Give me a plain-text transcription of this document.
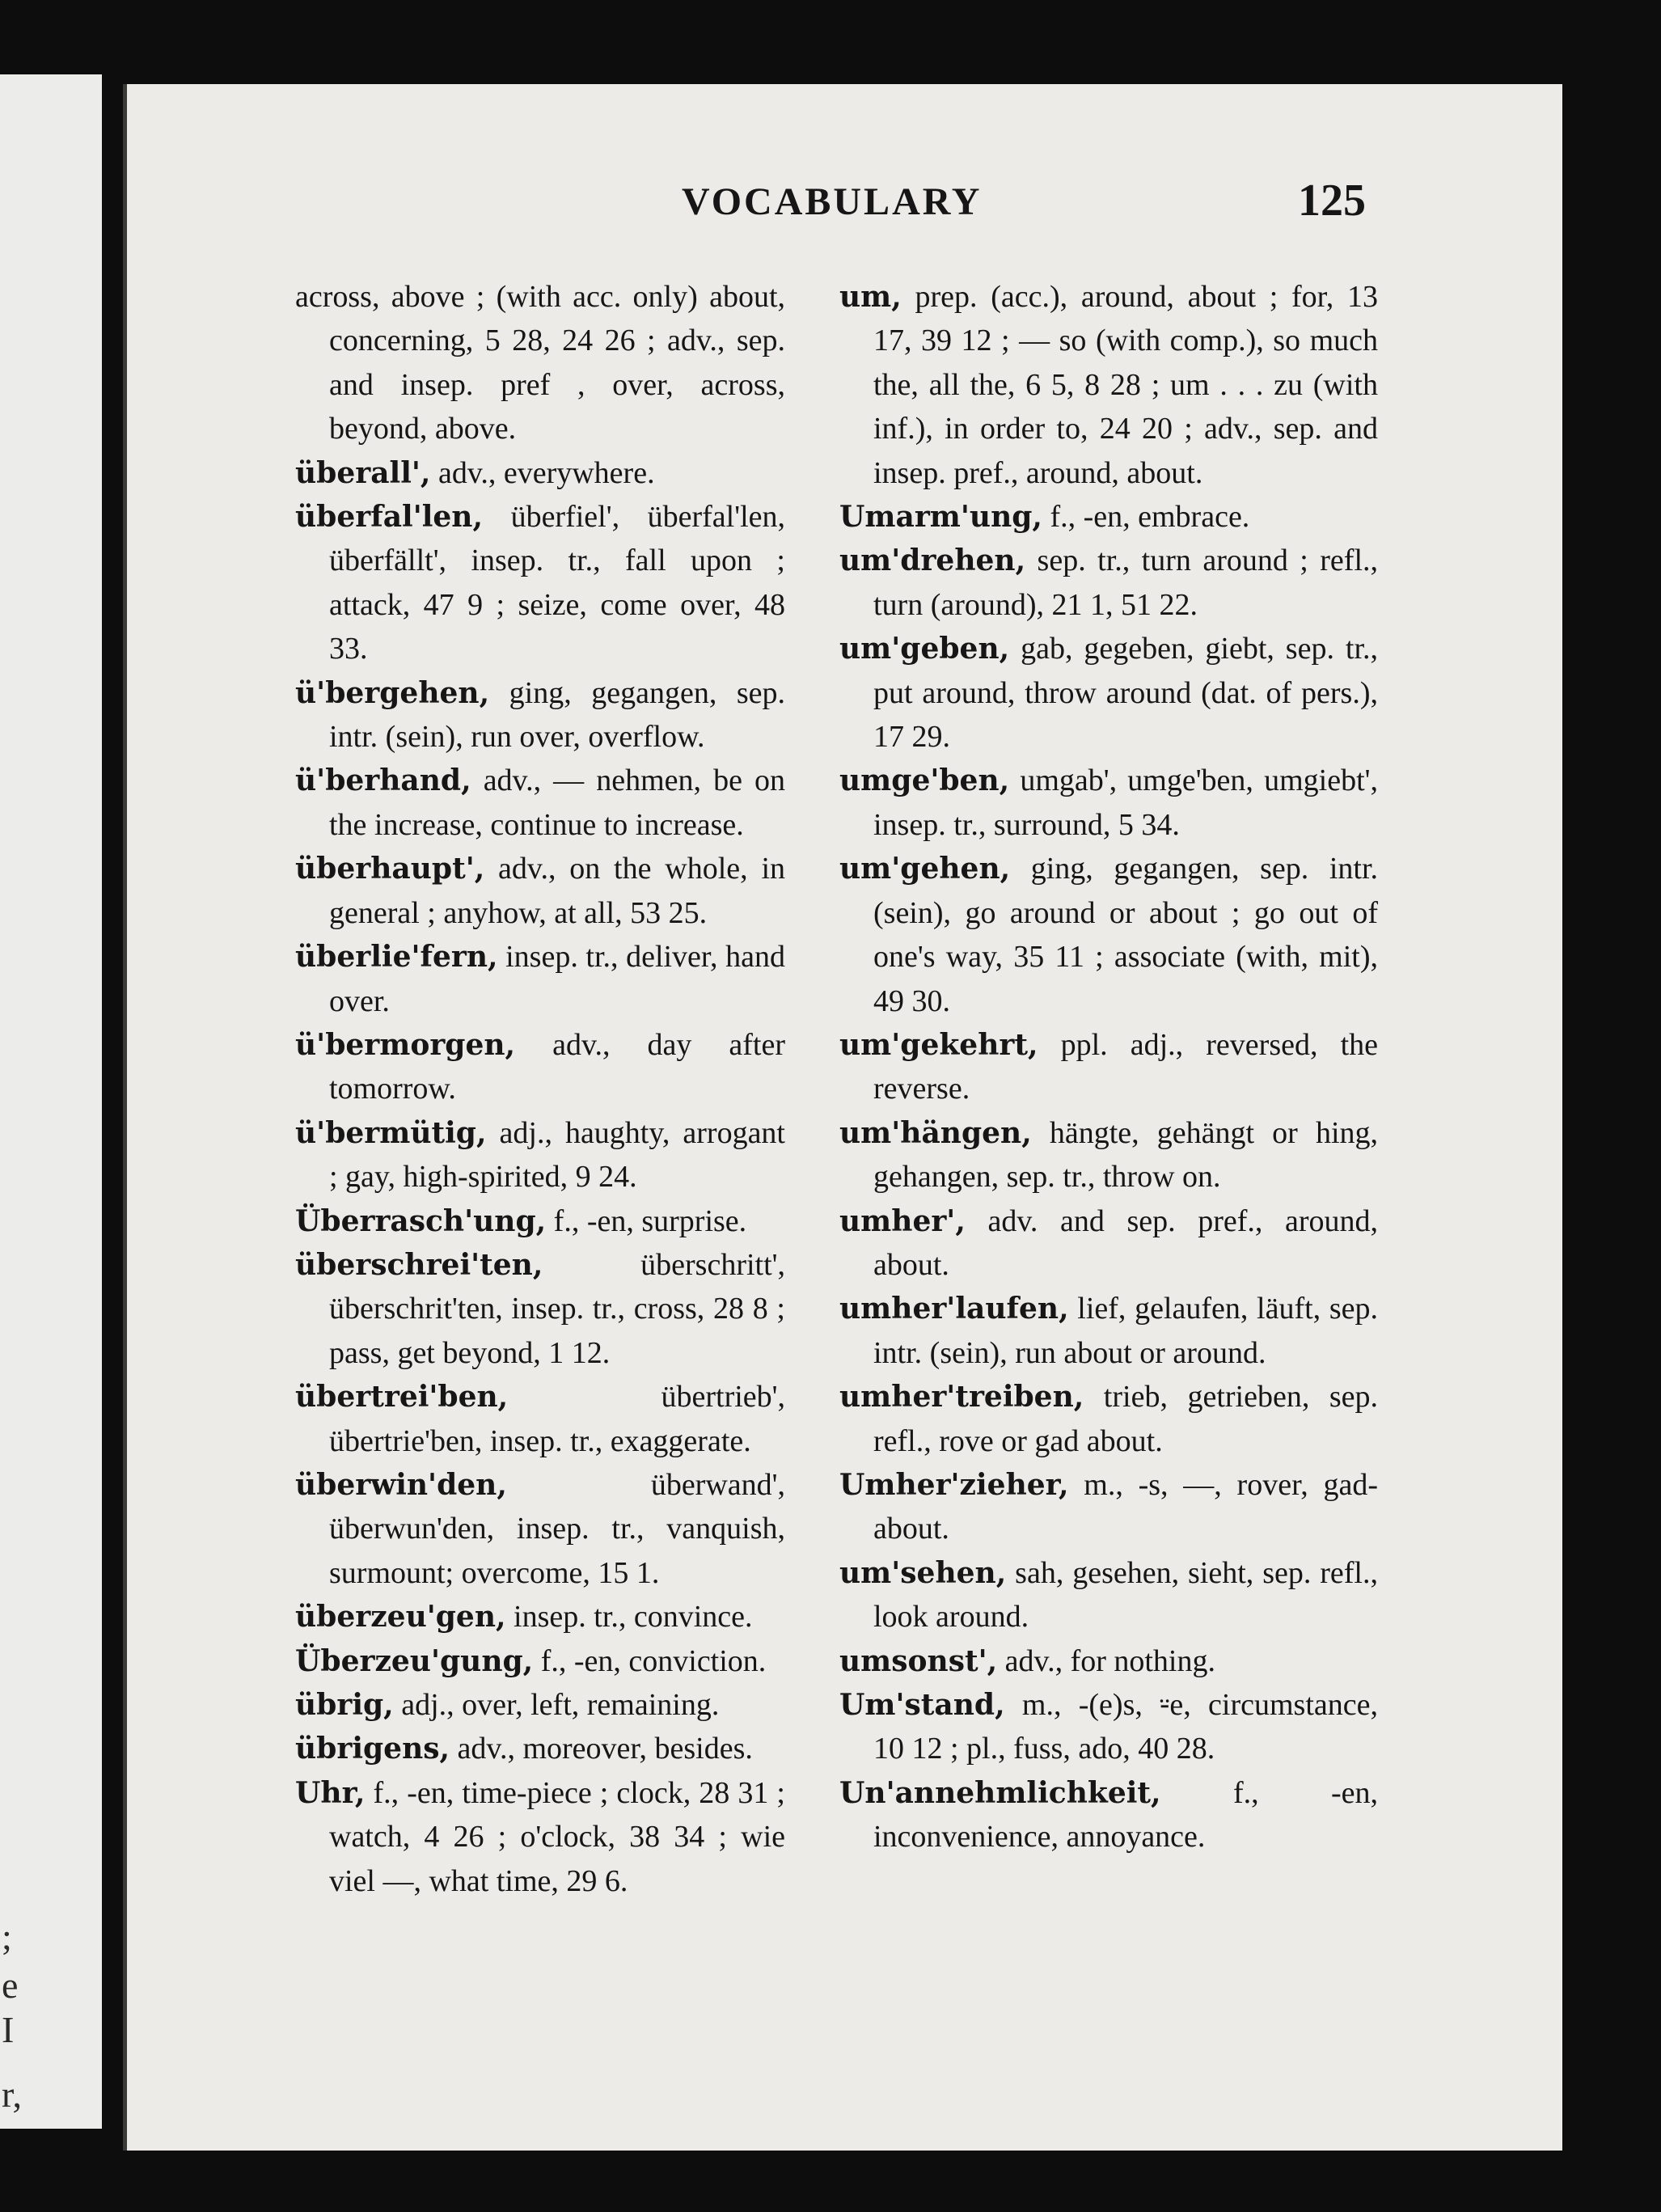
;
e
I
r,
VOCABULARY	125

across, above ; (with acc. only) about, concerning, 5 28, 24 26 ; adv., sep. and insep. pref , over, across, beyond, above.

überall', adv., everywhere.

überfal'len, überfiel', überfal'len, überfällt', insep. tr., fall upon ; attack, 47 9 ; seize, come over, 48 33.

ü'bergehen, ging, gegangen, sep. intr. (sein), run over, overflow.

ü'berhand, adv., — nehmen, be on the increase, continue to increase.

überhaupt', adv., on the whole, in general ; anyhow, at all, 53 25.

überlie'fern, insep. tr., deliver, hand over.

ü'bermorgen, adv., day after tomorrow.

ü'bermütig, adj., haughty, arrogant ; gay, high-spirited, 9 24.

Überrasch'ung, f., -en, surprise.

überschrei'ten, überschritt', überschrit'ten, insep. tr., cross, 28 8 ; pass, get beyond, 1 12.

übertrei'ben, übertrieb', übertrie'ben, insep. tr., exaggerate.

überwin'den, überwand', überwun'den, insep. tr., vanquish, surmount; overcome, 15 1.

überzeu'gen, insep. tr., convince.

Überzeu'gung, f., -en, conviction.

übrig, adj., over, left, remaining.

übrigens, adv., moreover, besides.

Uhr, f., -en, time-piece ; clock, 28 31 ; watch, 4 26 ; o'clock, 38 34 ; wie viel —, what time, 29 6.

um, prep. (acc.), around, about ; for, 13 17, 39 12 ; — so (with comp.), so much the, all the, 6 5, 8 28 ; um . . . zu (with inf.), in order to, 24 20 ; adv., sep. and insep. pref., around, about.

Umarm'ung, f., -en, embrace.

um'drehen, sep. tr., turn around ; refl., turn (around), 21 1, 51 22.

um'geben, gab, gegeben, giebt, sep. tr., put around, throw around (dat. of pers.), 17 29.

umge'ben, umgab', umge'ben, umgiebt', insep. tr., surround, 5 34.

um'gehen, ging, gegangen, sep. intr. (sein), go around or about ; go out of one's way, 35 11 ; associate (with, mit), 49 30.

um'gekehrt, ppl. adj., reversed, the reverse.

um'hängen, hängte, gehängt or hing, gehangen, sep. tr., throw on.

umher', adv. and sep. pref., around, about.

umher'laufen, lief, gelaufen, läuft, sep. intr. (sein), run about or around.

umher'treiben, trieb, getrieben, sep. refl., rove or gad about.

Umher'zieher, m., -s, —, rover, gad-about.

um'sehen, sah, gesehen, sieht, sep. refl., look around.

umsonst', adv., for nothing.

Um'stand, m., -(e)s, ⸚e, circumstance, 10 12 ; pl., fuss, ado, 40 28.

Un'annehmlichkeit, f., -en, inconvenience, annoyance.
